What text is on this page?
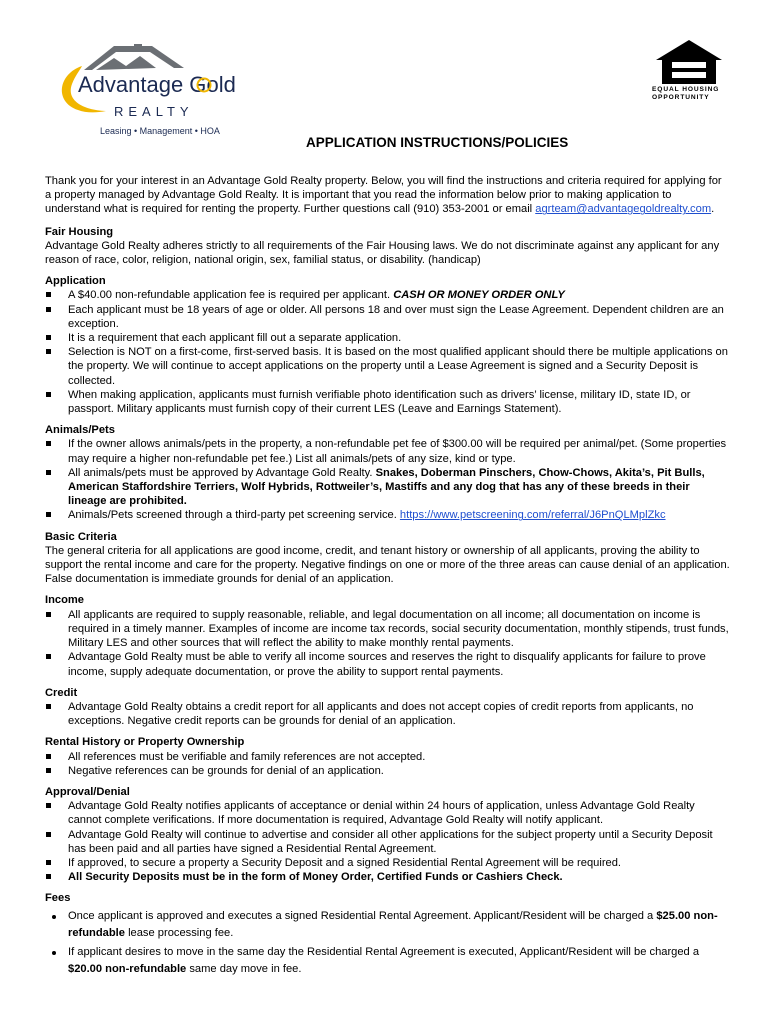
Advantage Gold
REALTY
Leasing • Management • HOA
EQUAL HOUSING
OPPORTUNITY
APPLICATION INSTRUCTIONS/POLICIES

Thank you for your interest in an Advantage Gold Realty property. Below, you will find the instructions and criteria required for applying for a property managed by Advantage Gold Realty. It is important that you read the information below prior to making application to understand what is required for renting the property. Further questions call (910) 353-2001 or email agrteam@advantagegoldrealty.com.

Fair Housing
Advantage Gold Realty adheres strictly to all requirements of the Fair Housing laws. We do not discriminate against any applicant for any reason of race, color, religion, national origin, sex, familial status, or disability. (handicap)
Application
A $40.00 non-refundable application fee is required per applicant. CASH OR MONEY ORDER ONLY
Each applicant must be 18 years of age or older. All persons 18 and over must sign the Lease Agreement. Dependent children are an exception.
It is a requirement that each applicant fill out a separate application.
Selection is NOT on a first-come, first-served basis. It is based on the most qualified applicant should there be multiple applications on the property. We will continue to accept applications on the property until a Lease Agreement is signed and a Security Deposit is collected.
When making application, applicants must furnish verifiable photo identification such as drivers’ license, military ID, state ID, or passport. Military applicants must furnish copy of their current LES (Leave and Earnings Statement).
Animals/Pets
If the owner allows animals/pets in the property, a non-refundable pet fee of $300.00 will be required per animal/pet. (Some properties may require a higher non-refundable pet fee.) List all animals/pets of any size, kind or type.
All animals/pets must be approved by Advantage Gold Realty. Snakes, Doberman Pinschers, Chow-Chows, Akita’s, Pit Bulls, American Staffordshire Terriers, Wolf Hybrids, Rottweiler’s, Mastiffs and any dog that has any of these breeds in their lineage are prohibited.
Animals/Pets screened through a third-party pet screening service. https://www.petscreening.com/referral/J6PnQLMplZkc
Basic Criteria
The general criteria for all applications are good income, credit, and tenant history or ownership of all applicants, proving the ability to support the rental income and care for the property. Negative findings on one or more of the three areas can cause denial of an application. False documentation is immediate grounds for denial of an application.
Income
All applicants are required to supply reasonable, reliable, and legal documentation on all income; all documentation on income is required in a timely manner. Examples of income are income tax records, social security documentation, monthly stipends, trust funds, Military LES and other sources that will reflect the ability to make monthly rental payments.
Advantage Gold Realty must be able to verify all income sources and reserves the right to disqualify applicants for failure to prove income, supply adequate documentation, or prove the ability to support rental payments.
Credit
Advantage Gold Realty obtains a credit report for all applicants and does not accept copies of credit reports from applicants, no exceptions. Negative credit reports can be grounds for denial of an application.
Rental History or Property Ownership
All references must be verifiable and family references are not accepted.
Negative references can be grounds for denial of an application.
Approval/Denial
Advantage Gold Realty notifies applicants of acceptance or denial within 24 hours of application, unless Advantage Gold Realty cannot complete verifications. If more documentation is required, Advantage Gold Realty will notify applicant.
Advantage Gold Realty will continue to advertise and consider all other applications for the subject property until a Security Deposit has been paid and all parties have signed a Residential Rental Agreement.
If approved, to secure a property a Security Deposit and a signed Residential Rental Agreement will be required.
All Security Deposits must be in the form of Money Order, Certified Funds or Cashiers Check.
Fees
Once applicant is approved and executes a signed Residential Rental Agreement. Applicant/Resident will be charged a $25.00 non-refundable lease processing fee.
If applicant desires to move in the same day the Residential Rental Agreement is executed, Applicant/Resident will be charged a $20.00 non-refundable same day move in fee.
